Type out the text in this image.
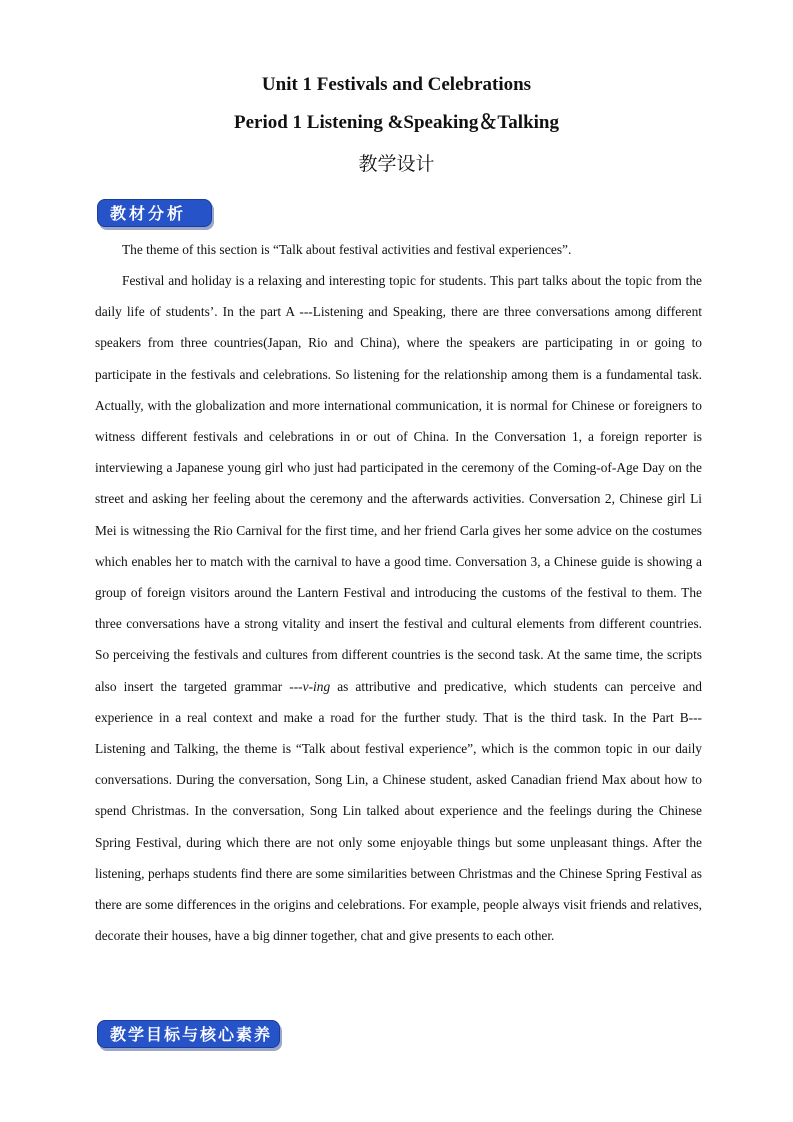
Unit 1 Festivals and Celebrations
Period 1 Listening &Speaking＆Talking
教学设计
教材分析

The theme of this section is “Talk about festival activities and festival experiences”.

Festival and holiday is a relaxing and interesting topic for students. This part talks about the topic from the daily life of students’. In the part A ---Listening and Speaking, there are three conversations among different speakers from three countries(Japan, Rio and China), where the speakers are participating in or going to participate in the festivals and celebrations. So listening for the relationship among them is a fundamental task. Actually, with the globalization and more international communication, it is normal for Chinese or foreigners to witness different festivals and celebrations in or out of China. In the Conversation 1, a foreign reporter is interviewing a Japanese young girl who just had participated in the ceremony of the Coming-of-Age Day on the street and asking her feeling about the ceremony and the afterwards activities. Conversation 2, Chinese girl Li Mei is witnessing the Rio Carnival for the first time, and her friend Carla gives her some advice on the costumes which enables her to match with the carnival to have a good time. Conversation 3, a Chinese guide is showing a group of foreign visitors around the Lantern Festival and introducing the customs of the festival to them. The three conversations have a strong vitality and insert the festival and cultural elements from different countries. So perceiving the festivals and cultures from different countries is the second task. At the same time, the scripts also insert the targeted grammar ---v-ing as attributive and predicative, which students can perceive and experience in a real context and make a road for the further study. That is the third task. In the Part B--- Listening and Talking, the theme is “Talk about festival experience”, which is the common topic in our daily conversations. During the conversation, Song Lin, a Chinese student, asked Canadian friend Max about how to spend Christmas. In the conversation, Song Lin talked about experience and the feelings during the Chinese Spring Festival, during which there are not only some enjoyable things but some unpleasant things. After the listening, perhaps students find there are some similarities between Christmas and the Chinese Spring Festival as there are some differences in the origins and celebrations. For example, people always visit friends and relatives, decorate their houses, have a big dinner together, chat and give presents to each other.

教学目标与核心素养
